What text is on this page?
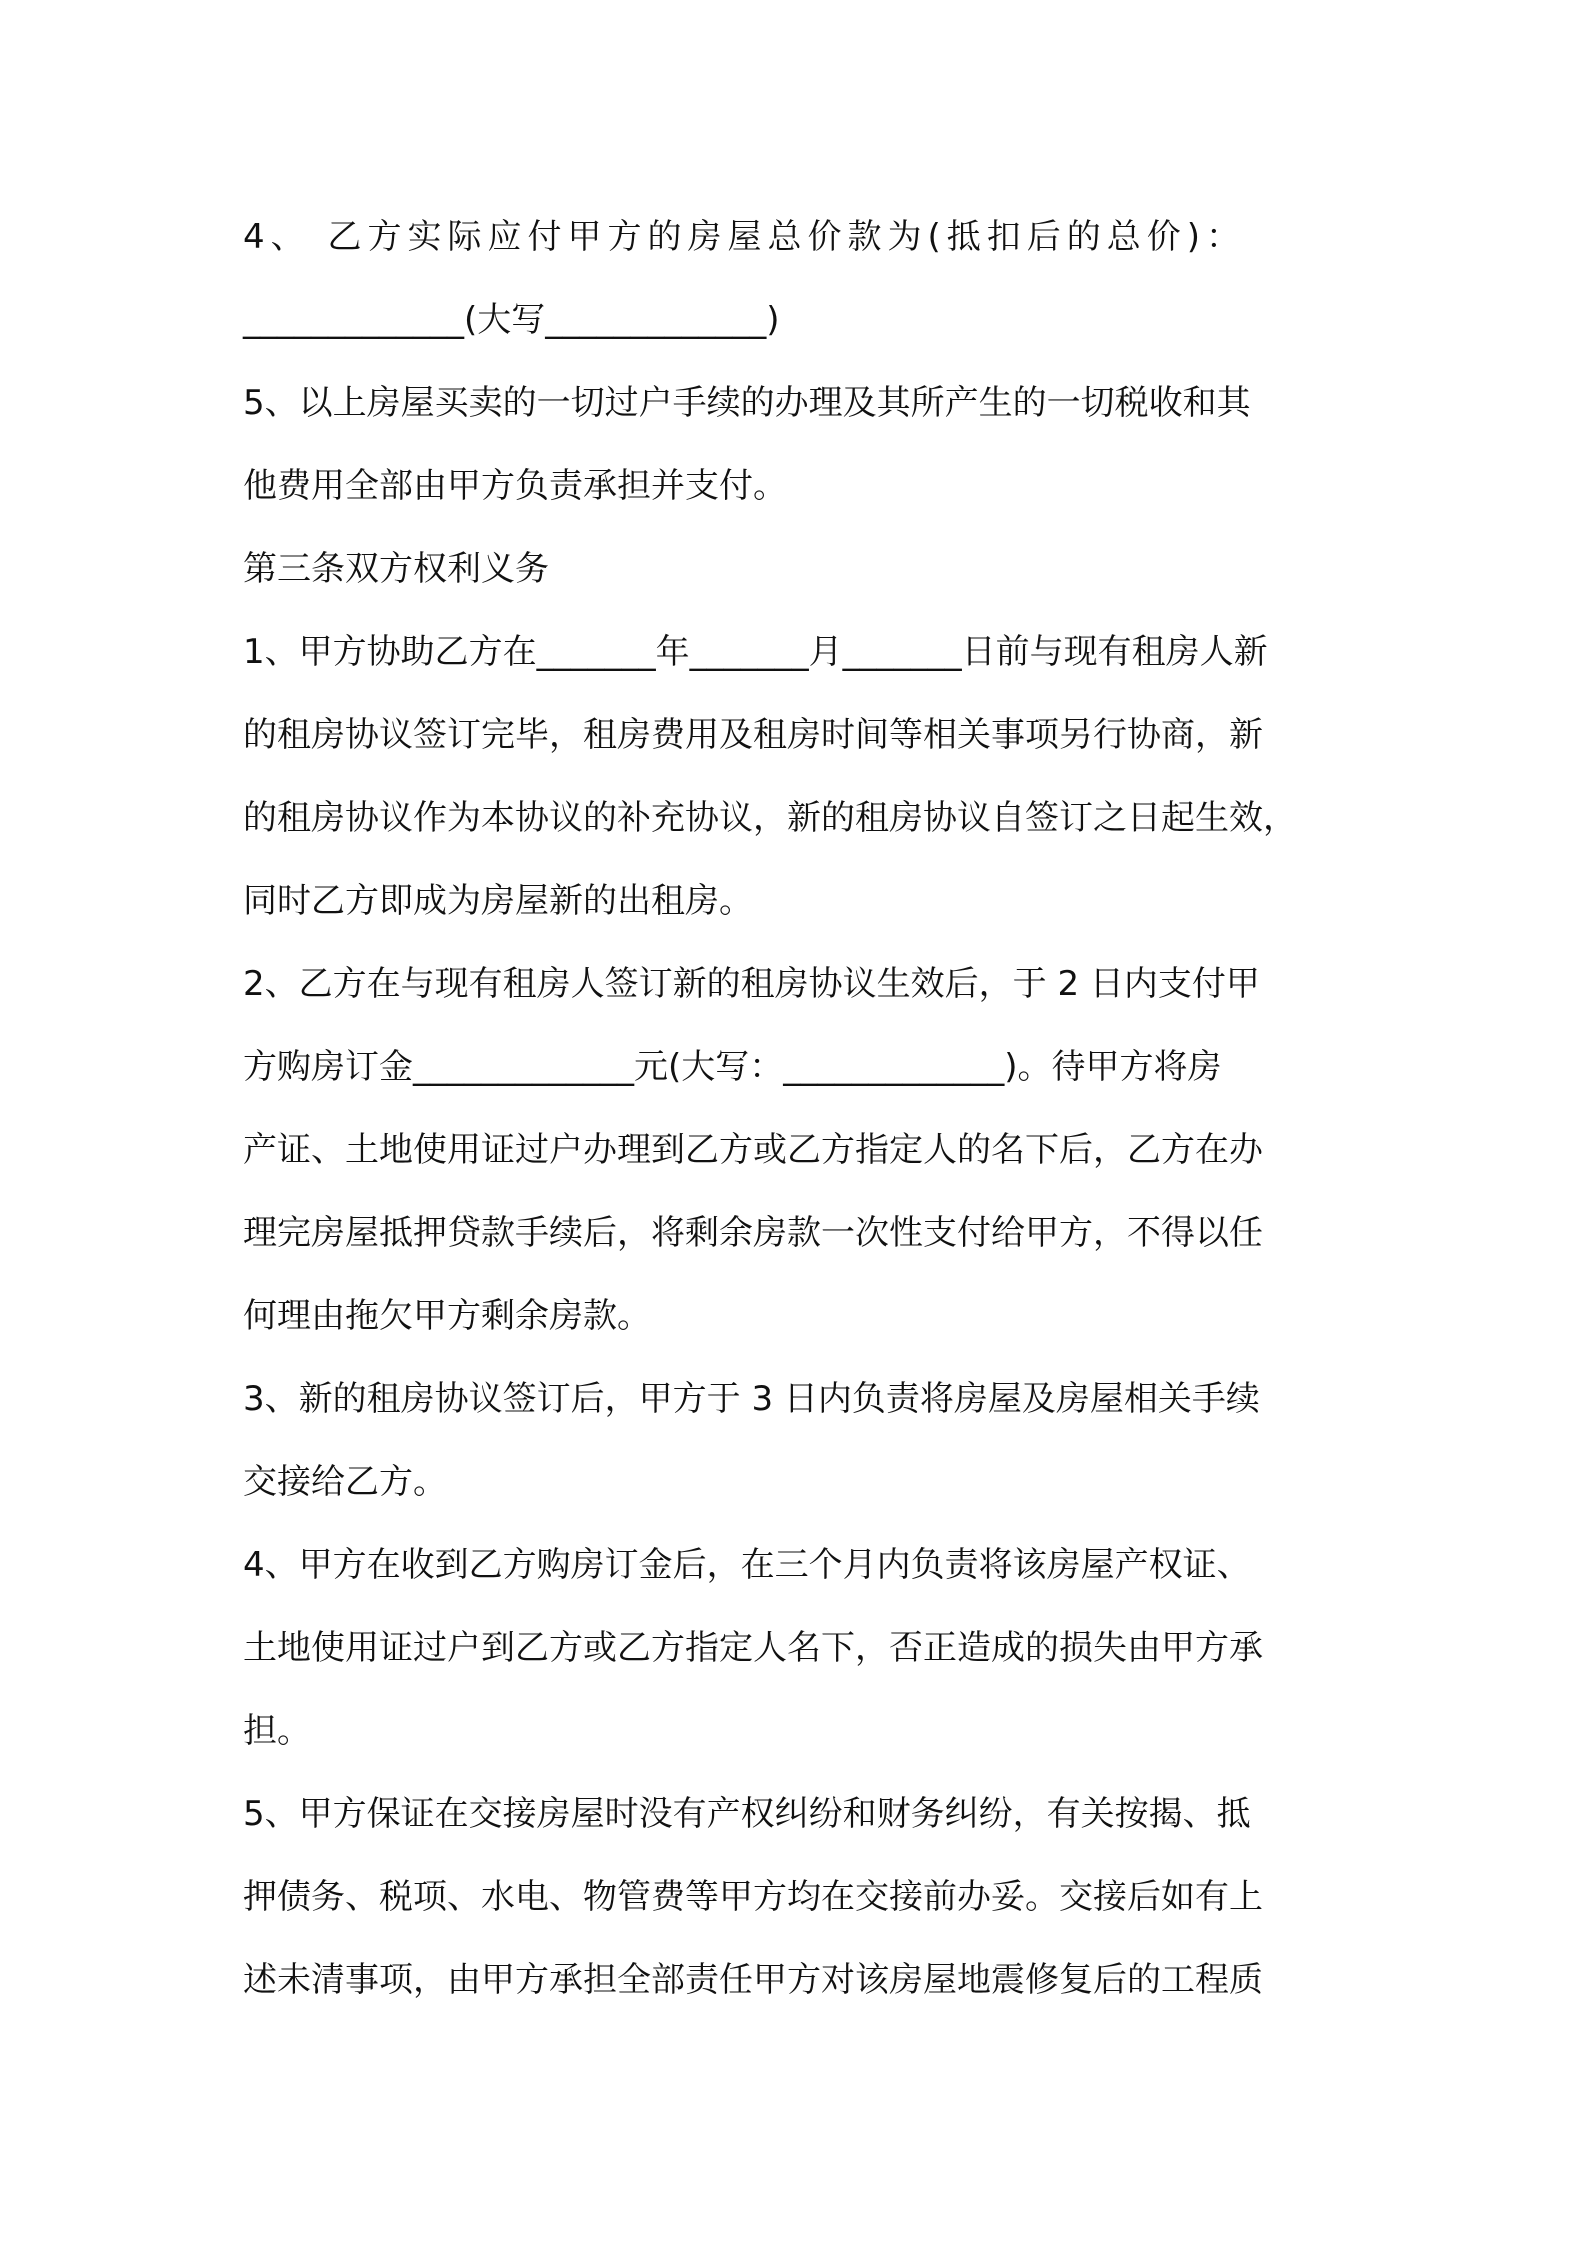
4、 乙方实际应付甲方的房屋总价款为(抵扣后的总价)：
_____________(大写_____________)
5、以上房屋买卖的一切过户手续的办理及其所产生的一切税收和其
他费用全部由甲方负责承担并支付。
第三条双方权利义务
1、甲方协助乙方在_______年_______月_______日前与现有租房人新
的租房协议签订完毕，租房费用及租房时间等相关事项另行协商，新
的租房协议作为本协议的补充协议，新的租房协议自签订之日起生效，
同时乙方即成为房屋新的出租房。
2、乙方在与现有租房人签订新的租房协议生效后，于 2 日内支付甲
方购房订金_____________元(大写：_____________)。待甲方将房
产证、土地使用证过户办理到乙方或乙方指定人的名下后，乙方在办
理完房屋抵押贷款手续后，将剩余房款一次性支付给甲方，不得以任
何理由拖欠甲方剩余房款。
3、新的租房协议签订后，甲方于 3 日内负责将房屋及房屋相关手续
交接给乙方。
4、甲方在收到乙方购房订金后，在三个月内负责将该房屋产权证、
土地使用证过户到乙方或乙方指定人名下，否正造成的损失由甲方承
担。
5、甲方保证在交接房屋时没有产权纠纷和财务纠纷，有关按揭、抵
押债务、税项、水电、物管费等甲方均在交接前办妥。交接后如有上
述未清事项，由甲方承担全部责任甲方对该房屋地震修复后的工程质
